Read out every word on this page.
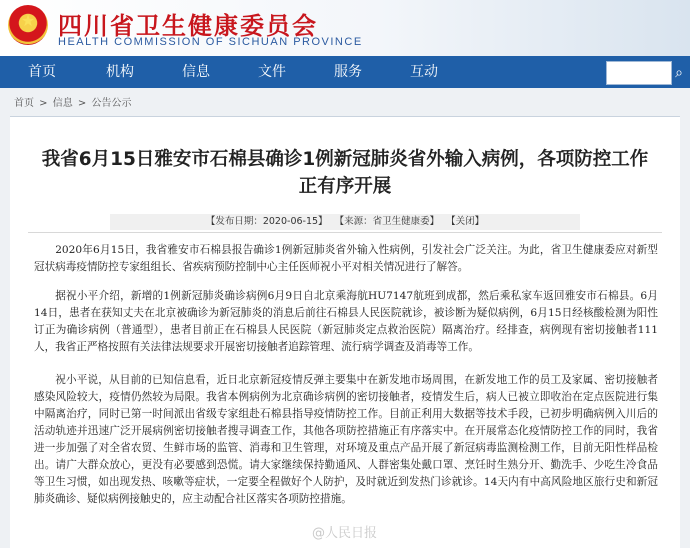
★ 四川省卫生健康委员会
HEALTH COMMISSION OF SICHUAN PROVINCE
首页	机构	信息	文件	服务	互动	⌕
首页 > 信息 > 公告公示
我省6月15日雅安市石棉县确诊1例新冠肺炎省外输入病例，各项防控工作
正有序开展
【发布日期：2020-06-15】 【来源：省卫生健康委】 【关闭】
2020年6月15日，我省雅安市石棉县报告确诊1例新冠肺炎省外输入性病例，引发社会广泛关注。为此，省卫生健康委应对新型冠状病毒疫情防控专家组组长、省疾病预防控制中心主任医师祝小平对相关情况进行了解答。
据祝小平介绍，新增的1例新冠肺炎确诊病例6月9日自北京乘海航HU7147航班到成都，然后乘私家车返回雅安市石棉县。6月14日，患者在获知丈夫在北京被确诊为新冠肺炎的消息后前往石棉县人民医院就诊，被诊断为疑似病例，6月15日经核酸检测为阳性订正为确诊病例（普通型），患者目前正在石棉县人民医院（新冠肺炎定点救治医院）隔离治疗。经排查，病例现有密切接触者111人，我省正严格按照有关法律法规要求开展密切接触者追踪管理、流行病学调查及消毒等工作。
祝小平说，从目前的已知信息看，近日北京新冠疫情反弹主要集中在新发地市场周围，在新发地工作的员工及家属、密切接触者感染风险较大，疫情仍然较为局限。我省本例病例为北京确诊病例的密切接触者，疫情发生后，病人已被立即收治在定点医院进行集中隔离治疗，同时已第一时间派出省级专家组赴石棉县指导疫情防控工作。目前正利用大数据等技术手段，已初步明确病例入川后的活动轨迹并迅速广泛开展病例密切接触者搜寻调查工作，其他各项防控措施正有序落实中。在开展常态化疫情防控工作的同时，我省进一步加强了对全省农贸、生鲜市场的监管、消毒和卫生管理，对环境及重点产品开展了新冠病毒监测检测工作，目前无阳性样品检出。请广大群众放心，更没有必要感到恐慌。请大家继续保持勤通风、人群密集处戴口罩、烹饪时生熟分开、勤洗手、少吃生冷食品等卫生习惯，如出现发热、咳嗽等症状，一定要全程做好个人防护，及时就近到发热门诊就诊。14天内有中高风险地区旅行史和新冠肺炎确诊、疑似病例接触史的，应主动配合社区落实各项防控措施。
@人民日报
